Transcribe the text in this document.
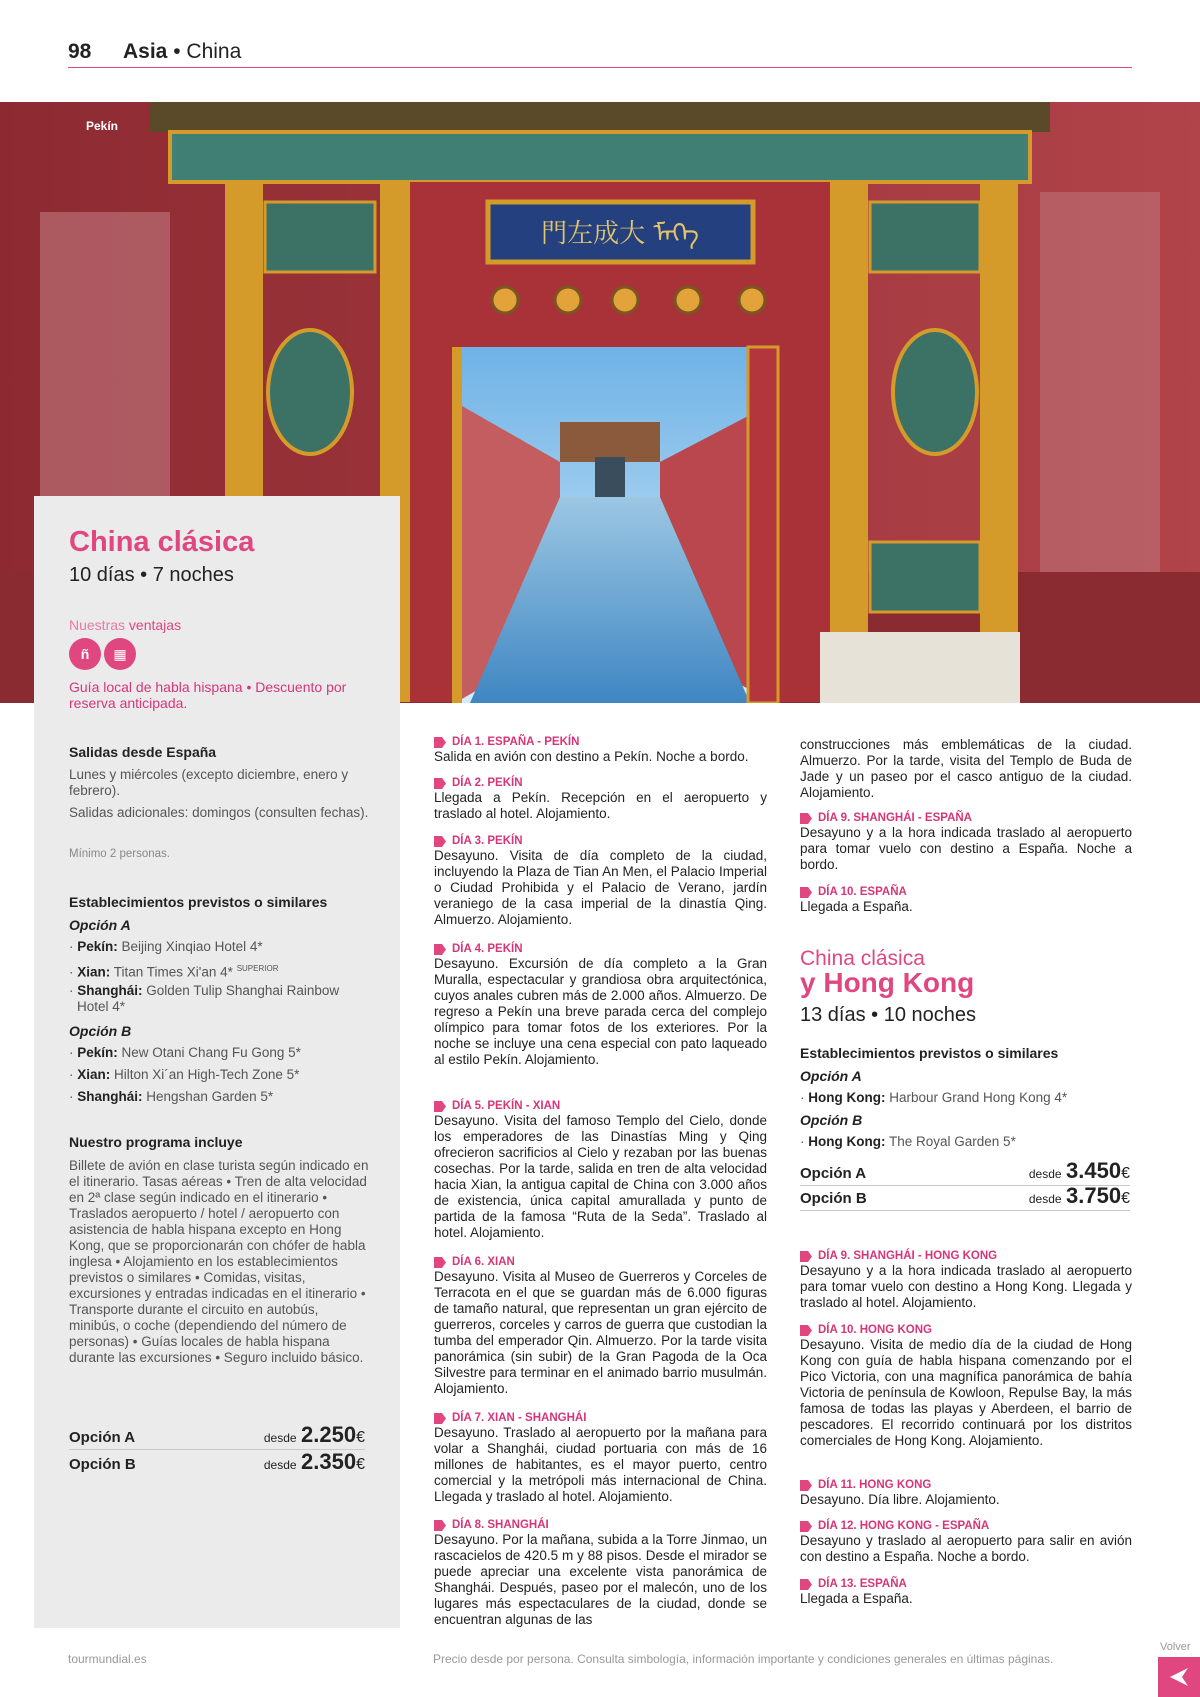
98 Asia • China
門左成大 ᠮᠡᠬᠡ
Pekín
China clásica
10 días • 7 noches
Nuestras ventajas
ñ	▦
Guía local de habla hispana • Descuento por reserva anticipada.
Salidas desde España
Lunes y miércoles (excepto diciembre, enero y febrero).
Salidas adicionales: domingos (consulten fechas).
Mínimo 2 personas.
Establecimientos previstos o similares
Opción A
· Pekín: Beijing Xinqiao Hotel 4*
· Xian: Titan Times Xi'an 4* $^{SUPERIOR}$
· Shanghái: Golden Tulip Shanghai Rainbow Hotel 4*
Opción B
· Pekín: New Otani Chang Fu Gong 5*
· Xian: Hilton Xi´an High-Tech Zone 5*
· Shanghái: Hengshan Garden 5*
Nuestro programa incluye
Billete de avión en clase turista según indicado en el itinerario. Tasas aéreas • Tren de alta velocidad en 2ª clase según indicado en el itinerario • Traslados aeropuerto / hotel / aeropuerto con asistencia de habla hispana excepto en Hong Kong, que se proporcionarán con chófer de habla inglesa • Alojamiento en los establecimientos previstos o similares • Comidas, visitas, excursiones y entradas indicadas en el itinerario • Transporte durante el circuito en autobús, minibús, o coche (dependiendo del número de personas) • Guías locales de habla hispana durante las excursiones • Seguro incluido básico.
Opción A	desde 2.250€
Opción B	desde 2.350€
DÍA 1. ESPAÑA - PEKÍN
Salida en avión con destino a Pekín. Noche a bordo.
DÍA 2. PEKÍN
Llegada a Pekín. Recepción en el aeropuerto y traslado al hotel. Alojamiento.
DÍA 3. PEKÍN
Desayuno. Visita de día completo de la ciudad, incluyendo la Plaza de Tian An Men, el Palacio Imperial o Ciudad Prohibida y el Palacio de Verano, jardín veraniego de la casa imperial de la dinastía Qing. Almuerzo. Alojamiento.
DÍA 4. PEKÍN
Desayuno. Excursión de día completo a la Gran Muralla, espectacular y grandiosa obra arquitectónica, cuyos anales cubren más de 2.000 años. Almuerzo. De regreso a Pekín una breve parada cerca del complejo olímpico para tomar fotos de los exteriores. Por la noche se incluye una cena especial con pato laqueado al estilo Pekín. Alojamiento.
DÍA 5. PEKÍN - XIAN
Desayuno. Visita del famoso Templo del Cielo, donde los emperadores de las Dinastías Ming y Qing ofrecieron sacrificios al Cielo y rezaban por las buenas cosechas. Por la tarde, salida en tren de alta velocidad hacia Xian, la antigua capital de China con 3.000 años de existencia, única capital amurallada y punto de partida de la famosa “Ruta de la Seda”. Traslado al hotel. Alojamiento.
DÍA 6. XIAN
Desayuno. Visita al Museo de Guerreros y Corceles de Terracota en el que se guardan más de 6.000 figuras de tamaño natural, que representan un gran ejército de guerreros, corceles y carros de guerra que custodian la tumba del emperador Qin. Almuerzo. Por la tarde visita panorámica (sin subir) de la Gran Pagoda de la Oca Silvestre para terminar en el animado barrio musulmán. Alojamiento.
DÍA 7. XIAN - SHANGHÁI
Desayuno. Traslado al aeropuerto por la mañana para volar a Shanghái, ciudad portuaria con más de 16 millones de habitantes, es el mayor puerto, centro comercial y la metrópoli más internacional de China. Llegada y traslado al hotel. Alojamiento.
DÍA 8. SHANGHÁI
Desayuno. Por la mañana, subida a la Torre Jinmao, un rascacielos de 420.5 m y 88 pisos. Desde el mirador se puede apreciar una excelente vista panorámica de Shanghái. Después, paseo por el malecón, uno de los lugares más espectaculares de la ciudad, donde se encuentran algunas de las
construcciones más emblemáticas de la ciudad. Almuerzo. Por la tarde, visita del Templo de Buda de Jade y un paseo por el casco antiguo de la ciudad. Alojamiento.
DÍA 9. SHANGHÁI - ESPAÑA
Desayuno y a la hora indicada traslado al aeropuerto para tomar vuelo con destino a España. Noche a bordo.
DÍA 10. ESPAÑA
Llegada a España.
China clásica
y Hong Kong
13 días • 10 noches
Establecimientos previstos o similares
Opción A
· Hong Kong: Harbour Grand Hong Kong 4*
Opción B
· Hong Kong: The Royal Garden 5*
Opción A	desde 3.450€
Opción B	desde 3.750€
DÍA 9. SHANGHÁI - HONG KONG
Desayuno y a la hora indicada traslado al aeropuerto para tomar vuelo con destino a Hong Kong. Llegada y traslado al hotel. Alojamiento.
DÍA 10. HONG KONG
Desayuno. Visita de medio día de la ciudad de Hong Kong con guía de habla hispana comenzando por el Pico Victoria, con una magnífica panorámica de bahía Victoria de península de Kowloon, Repulse Bay, la más famosa de todas las playas y Aberdeen, el barrio de pescadores. El recorrido continuará por los distritos comerciales de Hong Kong. Alojamiento.
DÍA 11. HONG KONG
Desayuno. Día libre. Alojamiento.
DÍA 12. HONG KONG - ESPAÑA
Desayuno y traslado al aeropuerto para salir en avión con destino a España. Noche a bordo.
DÍA 13. ESPAÑA
Llegada a España.
tourmundial.es	Precio desde por persona. Consulta simbología, información importante y condiciones generales en últimas páginas.
Volver
